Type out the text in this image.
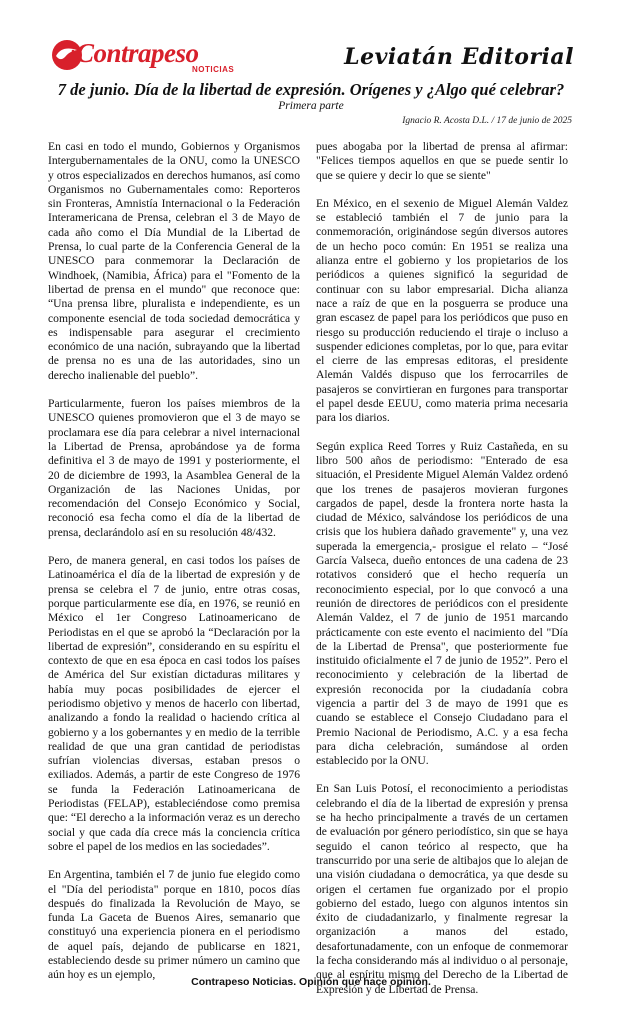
Contrapeso
NOTICIAS	Leviatán Editorial
7 de junio. Día de la libertad de expresión. Orígenes y ¿Algo qué celebrar?
Primera parte
Ignacio R. Acosta D.L. / 17 de junio de 2025

En casi en todo el mundo, Gobiernos y Organismos Intergubernamentales de la ONU, como la UNESCO y otros especializados en derechos humanos, así como Organismos no Gubernamentales como: Reporteros sin Fronteras, Amnistía Internacional o la Federación Interamericana de Prensa, celebran el 3 de Mayo de cada año como el Día Mundial de la Libertad de Prensa, lo cual parte de la Conferencia General de la UNESCO para conmemorar la Declaración de Windhoek, (Namibia, África) para el "Fomento de la libertad de prensa en el mundo" que reconoce que: “Una prensa libre, pluralista e independiente, es un componente esencial de toda sociedad democrática y es indispensable para asegurar el crecimiento económico de una nación, subrayando que la libertad de prensa no es una de las autoridades, sino un derecho inalienable del pueblo”.

Particularmente, fueron los países miembros de la UNESCO quienes promovieron que el 3 de mayo se proclamara ese día para celebrar a nivel internacional la Libertad de Prensa, aprobándose ya de forma definitiva el 3 de mayo de 1991 y posteriormente, el 20 de diciembre de 1993, la Asamblea General de la Organización de las Naciones Unidas, por recomendación del Consejo Económico y Social, reconoció esa fecha como el día de la libertad de prensa, declarándolo así en su resolución 48/432.

Pero, de manera general, en casi todos los países de Latinoamérica el día de la libertad de expresión y de prensa se celebra el 7 de junio, entre otras cosas, porque particularmente ese día, en 1976, se reunió en México el 1er Congreso Latinoamericano de Periodistas en el que se aprobó la “Declaración por la libertad de expresión”, considerando en su espíritu el contexto de que en esa época en casi todos los países de América del Sur existían dictaduras militares y había muy pocas posibilidades de ejercer el periodismo objetivo y menos de hacerlo con libertad, analizando a fondo la realidad o haciendo crítica al gobierno y a los gobernantes y en medio de la terrible realidad de que una gran cantidad de periodistas sufrían violencias diversas, estaban presos o exiliados. Además, a partir de este Congreso de 1976 se funda la Federación Latinoamericana de Periodistas (FELAP), estableciéndose como premisa que: “El derecho a la información veraz es un derecho social y que cada día crece más la conciencia crítica sobre el papel de los medios en las sociedades”.

En Argentina, también el 7 de junio fue elegido como el "Día del periodista" porque en 1810, pocos días después do finalizada la Revolución de Mayo, se funda La Gaceta de Buenos Aires, semanario que constituyó una experiencia pionera en el periodismo de aquel país, dejando de publicarse en 1821, estableciendo desde su primer número un camino que aún hoy es un ejemplo,

pues abogaba por la libertad de prensa al afirmar: "Felices tiempos aquellos en que se puede sentir lo que se quiere y decir lo que se siente"

En México, en el sexenio de Miguel Alemán Valdez se estableció también el 7 de junio para la conmemoración, originándose según diversos autores de un hecho poco común: En 1951 se realiza una alianza entre el gobierno y los propietarios de los periódicos a quienes significó la seguridad de continuar con su labor empresarial. Dicha alianza nace a raíz de que en la posguerra se produce una gran escasez de papel para los periódicos que puso en riesgo su producción reduciendo el tiraje o incluso a suspender ediciones completas, por lo que, para evitar el cierre de las empresas editoras, el presidente Alemán Valdés dispuso que los ferrocarriles de pasajeros se convirtieran en furgones para transportar el papel desde EEUU, como materia prima necesaria para los diarios.

Según explica Reed Torres y Ruiz Castañeda, en su libro 500 años de periodismo: "Enterado de esa situación, el Presidente Miguel Alemán Valdez ordenó que los trenes de pasajeros movieran furgones cargados de papel, desde la frontera norte hasta la ciudad de México, salvándose los periódicos de una crisis que los hubiera dañado gravemente" y, una vez superada la emergencia,- prosigue el relato – “José García Valseca, dueño entonces de una cadena de 23 rotativos consideró que el hecho requería un reconocimiento especial, por lo que convocó a una reunión de directores de periódicos con el presidente Alemán Valdez, el 7 de junio de 1951 marcando prácticamente con este evento el nacimiento del "Día de la Libertad de Prensa", que posteriormente fue instituido oficialmente el 7 de junio de 1952”. Pero el reconocimiento y celebración de la libertad de expresión reconocida por la ciudadanía cobra vigencia a partir del 3 de mayo de 1991 que es cuando se establece el Consejo Ciudadano para el Premio Nacional de Periodismo, A.C. y a esa fecha para dicha celebración, sumándose al orden establecido por la ONU.

En San Luis Potosí, el reconocimiento a periodistas celebrando el día de la libertad de expresión y prensa se ha hecho principalmente a través de un certamen de evaluación por género periodístico, sin que se haya seguido el canon teórico al respecto, que ha transcurrido por una serie de altibajos que lo alejan de una visión ciudadana o democrática, ya que desde su origen el certamen fue organizado por el propio gobierno del estado, luego con algunos intentos sin éxito de ciudadanizarlo, y finalmente regresar la organización a manos del estado, desafortunadamente, con un enfoque de conmemorar la fecha considerando más al individuo o al personaje, que al espíritu mismo del Derecho de la Libertad de Expresión y de Libertad de Prensa.

Contrapeso Noticias. Opinión que hace opinión.
